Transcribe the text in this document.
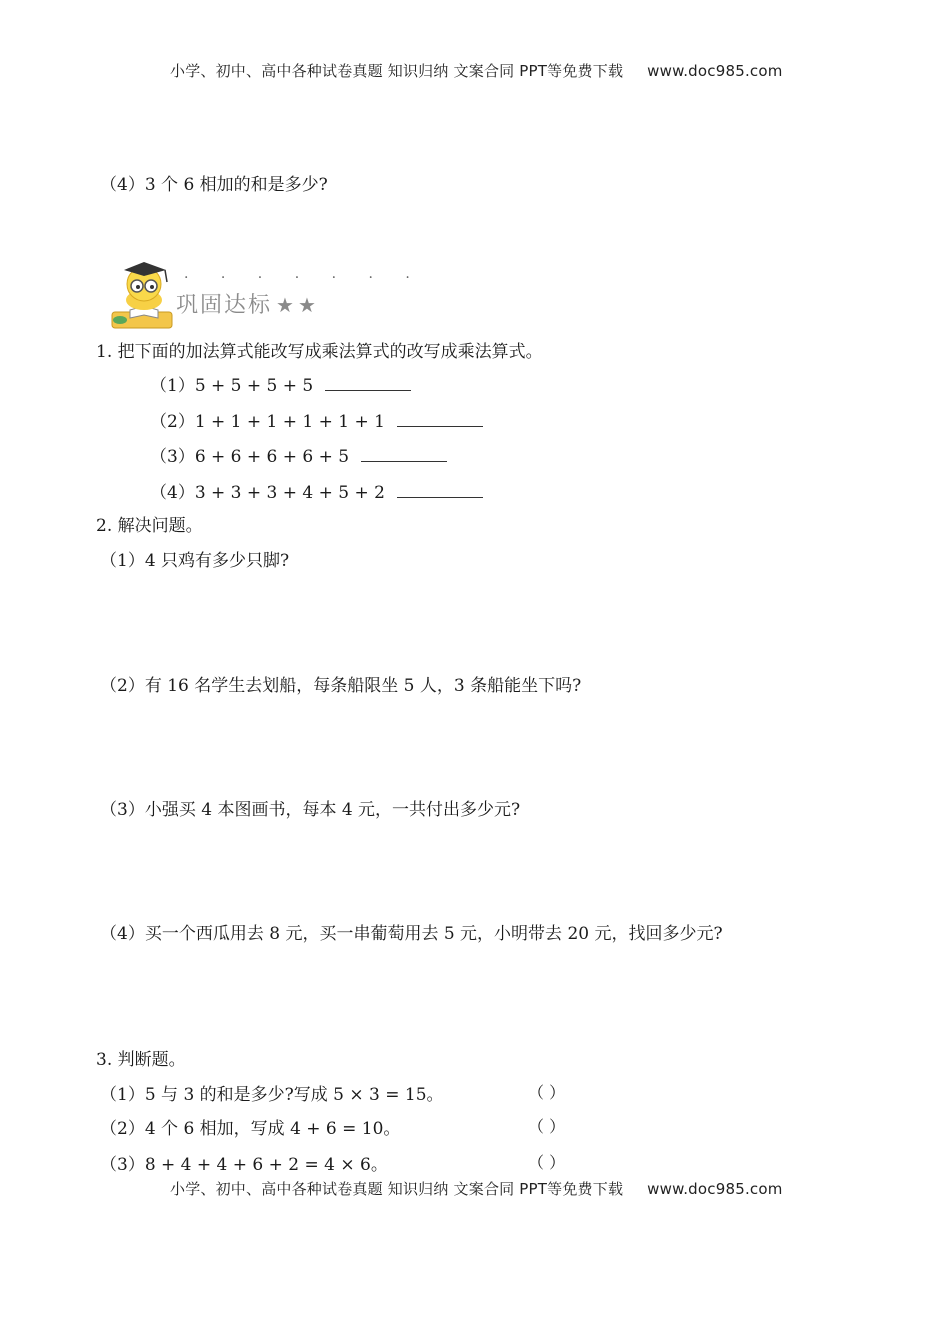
小学、初中、高中各种试卷真题 知识归纳 文案合同 PPT等免费下载 www.doc985.com
（4）3 个 6 相加的和是多少?
· · · · · · ·
巩固达标 ★★
1. 把下面的加法算式能改写成乘法算式的改写成乘法算式。
（1）5 + 5 + 5 + 5
（2）1 + 1 + 1 + 1 + 1 + 1
（3）6 + 6 + 6 + 6 + 5
（4）3 + 3 + 3 + 4 + 5 + 2
2. 解决问题。
（1）4 只鸡有多少只脚?
（2）有 16 名学生去划船，每条船限坐 5 人，3 条船能坐下吗?
（3）小强买 4 本图画书，每本 4 元，一共付出多少元?
（4）买一个西瓜用去 8 元，买一串葡萄用去 5 元，小明带去 20 元，找回多少元?
3. 判断题。
（1）5 与 3 的和是多少?写成 5 × 3 = 15。	（ ）
（2）4 个 6 相加，写成 4 + 6 = 10。	（ ）
（3）8 + 4 + 4 + 6 + 2 = 4 × 6。	（ ）
小学、初中、高中各种试卷真题 知识归纳 文案合同 PPT等免费下载 www.doc985.com
